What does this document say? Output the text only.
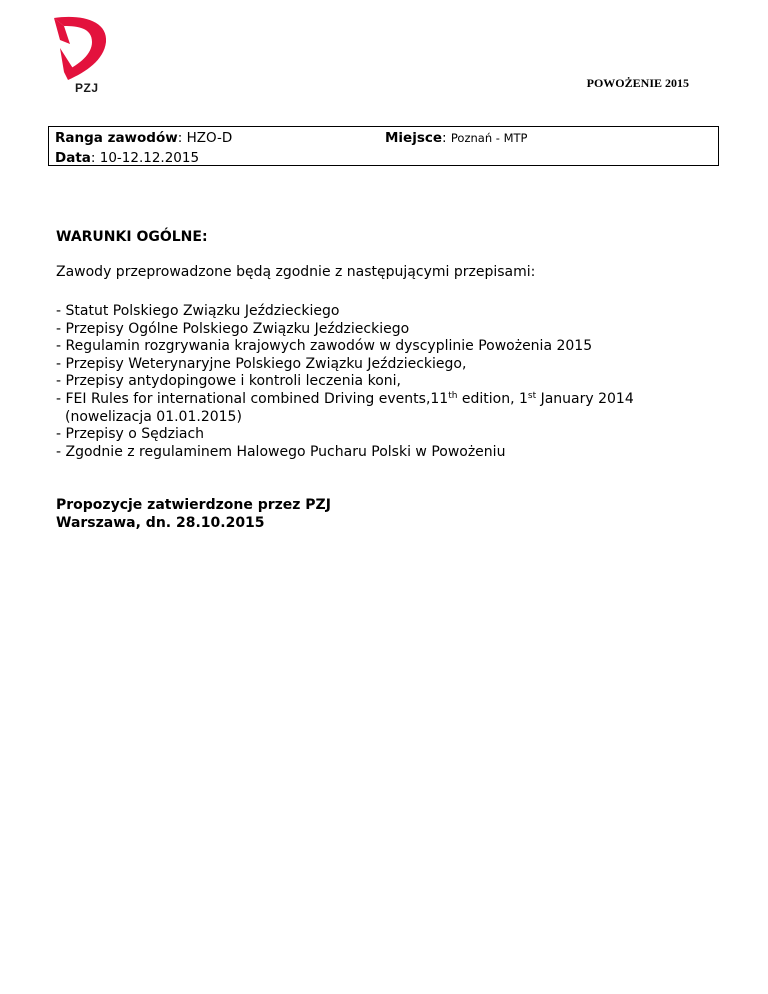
PZJ	POWOŻENIE 2015
Ranga zawodów: HZO-D	Miejsce: Poznań - MTP
Data: 10-12.12.2015
WARUNKI OGÓLNE:
Zawody przeprowadzone będą zgodnie z następującymi przepisami:
- Statut Polskiego Związku Jeździeckiego
- Przepisy Ogólne Polskiego Związku Jeździeckiego
- Regulamin rozgrywania krajowych zawodów w dyscyplinie Powożenia 2015
- Przepisy Weterynaryjne Polskiego Związku Jeździeckiego,
- Przepisy antydopingowe i kontroli leczenia koni,
- FEI Rules for international combined Driving events,11th edition, 1st January 2014
(nowelizacja 01.01.2015)
- Przepisy o Sędziach
- Zgodnie z regulaminem Halowego Pucharu Polski w Powożeniu
Propozycje zatwierdzone przez PZJ
Warszawa, dn. 28.10.2015
